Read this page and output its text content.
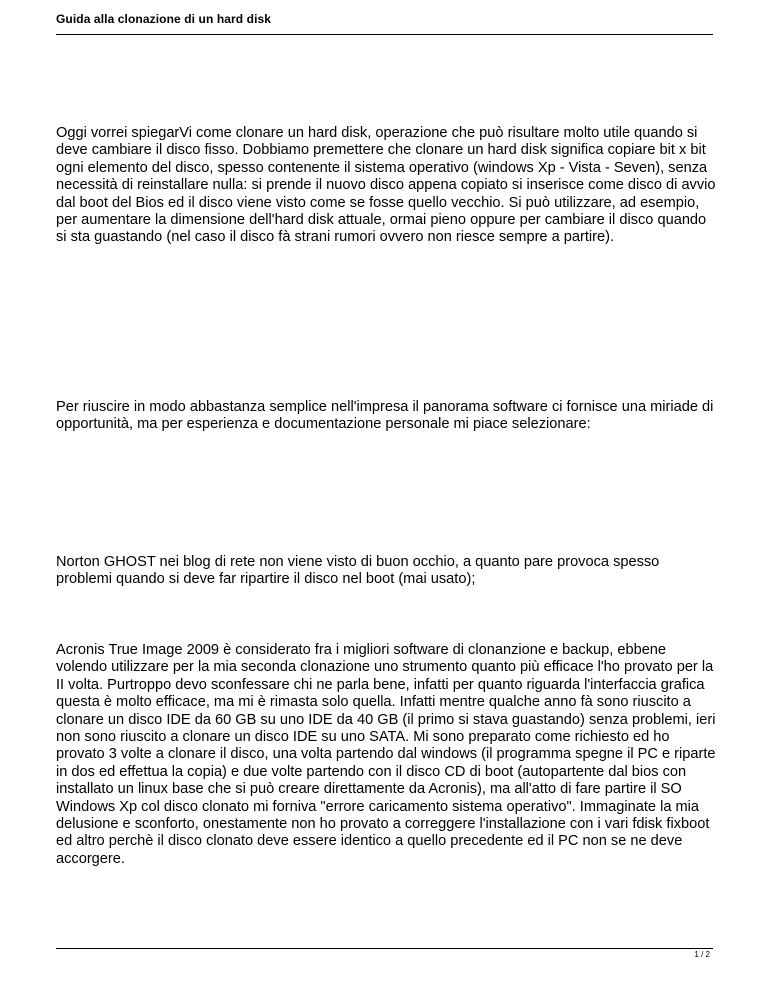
Guida alla clonazione di un hard disk

Oggi vorrei spiegarVi come clonare un hard disk, operazione che può risultare molto utile quando si deve cambiare il disco fisso. Dobbiamo premettere che clonare un hard disk significa copiare bit x bit ogni elemento del disco, spesso contenente il sistema operativo (windows Xp - Vista - Seven), senza necessità di reinstallare nulla: si prende il nuovo disco appena copiato si inserisce come disco di avvio dal boot del Bios ed il disco viene visto come se fosse quello vecchio. Si può utilizzare, ad esempio, per aumentare la dimensione dell'hard disk attuale, ormai pieno oppure per cambiare il disco quando si sta guastando (nel caso il disco fà strani rumori ovvero non riesce sempre a partire).

Per riuscire in modo abbastanza semplice nell'impresa il panorama software ci fornisce una miriade di opportunità, ma per esperienza e documentazione personale mi piace selezionare:

Norton GHOST nei blog di rete non viene visto di buon occhio, a quanto pare provoca spesso problemi quando si deve far ripartire il disco nel boot (mai usato);

Acronis True Image 2009 è considerato fra i migliori software di clonanzione e backup, ebbene volendo utilizzare per la mia seconda clonazione uno strumento quanto più efficace l'ho provato per la II volta. Purtroppo devo sconfessare chi ne parla bene, infatti per quanto riguarda l'interfaccia grafica questa è molto efficace, ma mi è rimasta solo quella. Infatti mentre qualche anno fà sono riuscito a clonare un disco IDE da 60 GB su uno IDE da 40 GB (il primo si stava guastando) senza problemi, ieri non sono riuscito a clonare un disco IDE su uno SATA. Mi sono preparato come richiesto ed ho provato 3 volte a clonare il disco, una volta partendo dal windows (il programma spegne il PC e riparte in dos ed effettua la copia) e due volte partendo con il disco CD di boot (autopartente dal bios con installato un linux base che si può creare direttamente da Acronis), ma all'atto di fare partire il SO Windows Xp col disco clonato mi forniva "errore caricamento sistema operativo". Immaginate la mia delusione e sconforto, onestamente non ho provato a correggere l'installazione con i vari fdisk fixboot ed altro perchè il disco clonato deve essere identico a quello precedente ed il PC non se ne deve accorgere.

1 / 2
